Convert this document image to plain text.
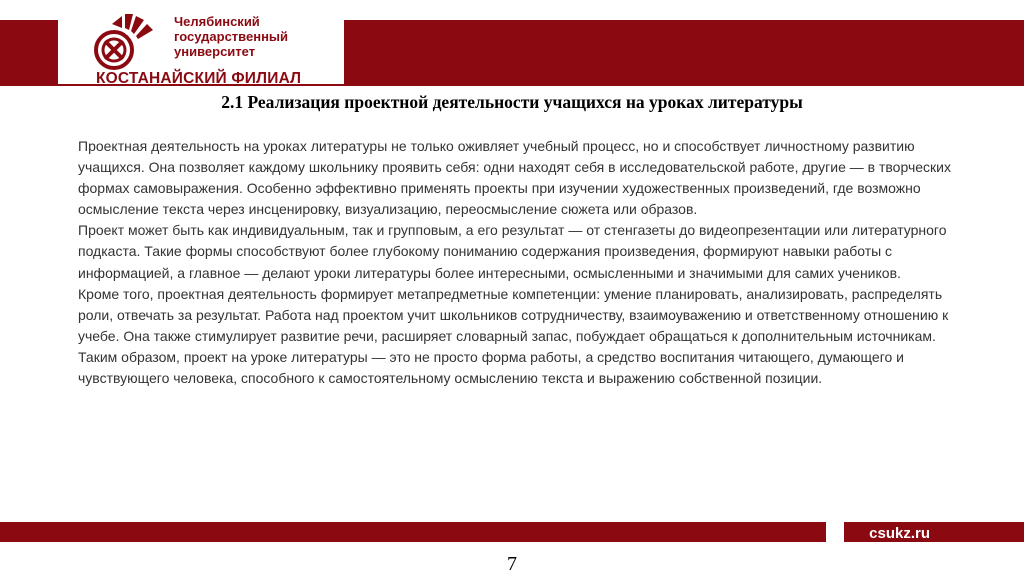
Челябинский
государственный
университет
КОСТАНАЙСКИЙ ФИЛИАЛ
2.1 Реализация проектной деятельности учащихся на уроках литературы

Проектная деятельность на уроках литературы не только оживляет учебный процесс, но и способствует личностному развитию учащихся. Она позволяет каждому школьнику проявить себя: одни находят себя в исследовательской работе, другие — в творческих формах самовыражения. Особенно эффективно применять проекты при изучении художественных произведений, где возможно осмысление текста через инсценировку, визуализацию, переосмысление сюжета или образов.

Проект может быть как индивидуальным, так и групповым, а его результат — от стенгазеты до видеопрезентации или литературного подкаста. Такие формы способствуют более глубокому пониманию содержания произведения, формируют навыки работы с информацией, а главное — делают уроки литературы более интересными, осмысленными и значимыми для самих учеников.

Кроме того, проектная деятельность формирует метапредметные компетенции: умение планировать, анализировать, распределять роли, отвечать за результат. Работа над проектом учит школьников сотрудничеству, взаимоуважению и ответственному отношению к учебе. Она также стимулирует развитие речи, расширяет словарный запас, побуждает обращаться к дополнительным источникам.

Таким образом, проект на уроке литературы — это не просто форма работы, а средство воспитания читающего, думающего и чувствующего человека, способного к самостоятельному осмыслению текста и выражению собственной позиции.

csukz.ru
7
